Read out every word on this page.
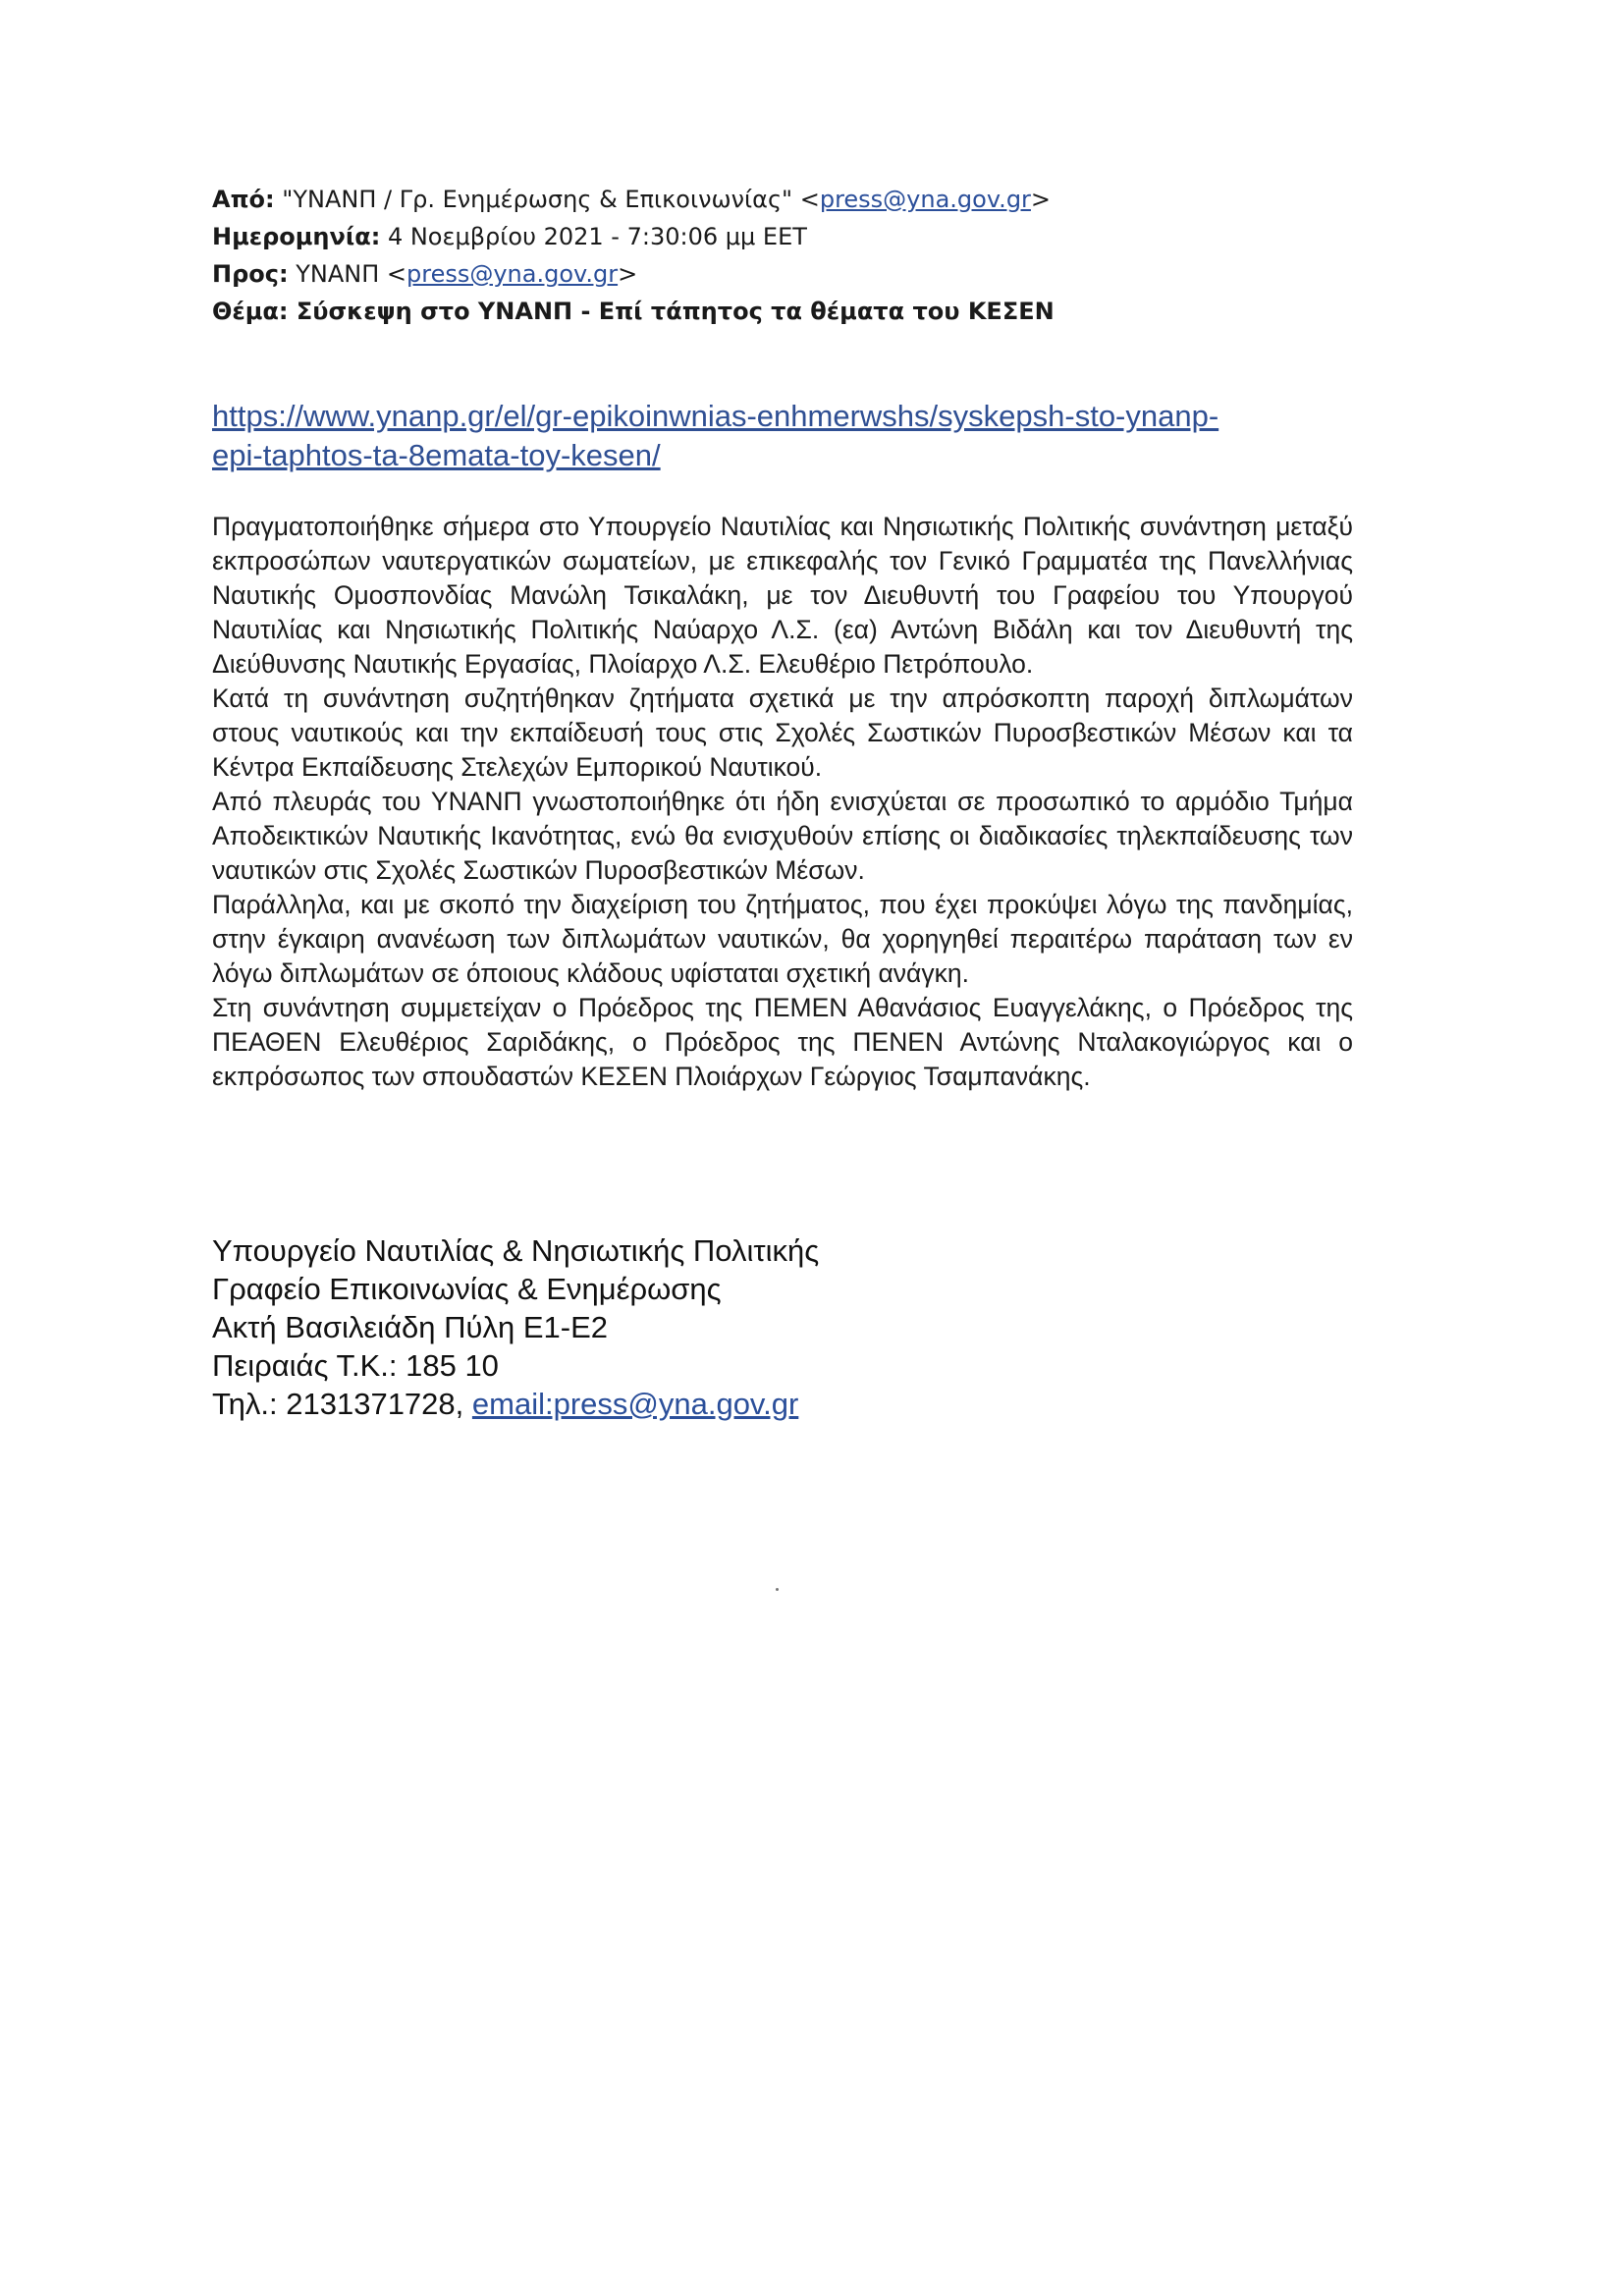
Από: "ΥΝΑΝΠ / Γρ. Ενημέρωσης & Επικοινωνίας" <press@yna.gov.gr>
Ημερομηνία: 4 Νοεμβρίου 2021 - 7:30:06 μμ EET
Προς: ΥΝΑΝΠ <press@yna.gov.gr>
Θέμα: Σύσκεψη στο ΥΝΑΝΠ - Επί τάπητος τα θέματα του ΚΕΣΕΝ
https://www.ynanp.gr/el/gr-epikoinwnias-enhmerwshs/syskepsh-sto-ynanp-
epi-taphtos-ta-8emata-toy-kesen/

Πραγματοποιήθηκε σήμερα στο Υπουργείο Ναυτιλίας και Νησιωτικής Πολιτικής συνάντηση μεταξύ εκπροσώπων ναυτεργατικών σωματείων, με επικεφαλής τον Γενικό Γραμματέα της Πανελλήνιας Ναυτικής Ομοσπονδίας Μανώλη Τσικαλάκη, με τον Διευθυντή του Γραφείου του Υπουργού Ναυτιλίας και Νησιωτικής Πολιτικής Ναύαρχο Λ.Σ. (εα) Αντώνη Βιδάλη και τον Διευθυντή της Διεύθυνσης Ναυτικής Εργασίας, Πλοίαρχο Λ.Σ. Ελευθέριο Πετρόπουλο.

Κατά τη συνάντηση συζητήθηκαν ζητήματα σχετικά με την απρόσκοπτη παροχή διπλωμάτων στους ναυτικούς και την εκπαίδευσή τους στις Σχολές Σωστικών Πυροσβεστικών Μέσων και τα Κέντρα Εκπαίδευσης Στελεχών Εμπορικού Ναυτικού.

Από πλευράς του ΥΝΑΝΠ γνωστοποιήθηκε ότι ήδη ενισχύεται σε προσωπικό το αρμόδιο Τμήμα Αποδεικτικών Ναυτικής Ικανότητας, ενώ θα ενισχυθούν επίσης οι διαδικασίες τηλεκπαίδευσης των ναυτικών στις Σχολές Σωστικών Πυροσβεστικών Μέσων.

Παράλληλα, και με σκοπό την διαχείριση του ζητήματος, που έχει προκύψει λόγω της πανδημίας, στην έγκαιρη ανανέωση των διπλωμάτων ναυτικών, θα χορηγηθεί περαιτέρω παράταση των εν λόγω διπλωμάτων σε όποιους κλάδους υφίσταται σχετική ανάγκη.

Στη συνάντηση συμμετείχαν ο Πρόεδρος της ΠΕΜΕΝ Αθανάσιος Ευαγγελάκης, ο Πρόεδρος της ΠΕΑΘΕΝ Ελευθέριος Σαριδάκης, ο Πρόεδρος της ΠΕΝΕΝ Αντώνης Νταλακογιώργος και ο εκπρόσωπος των σπουδαστών ΚΕΣΕΝ Πλοιάρχων Γεώργιος Τσαμπανάκης.

Υπουργείο Ναυτιλίας & Νησιωτικής Πολιτικής
Γραφείο Επικοινωνίας & Ενημέρωσης
Ακτή Βασιλειάδη Πύλη Ε1-Ε2
Πειραιάς Τ.Κ.: 185 10
Τηλ.: 2131371728, email:press@yna.gov.gr
